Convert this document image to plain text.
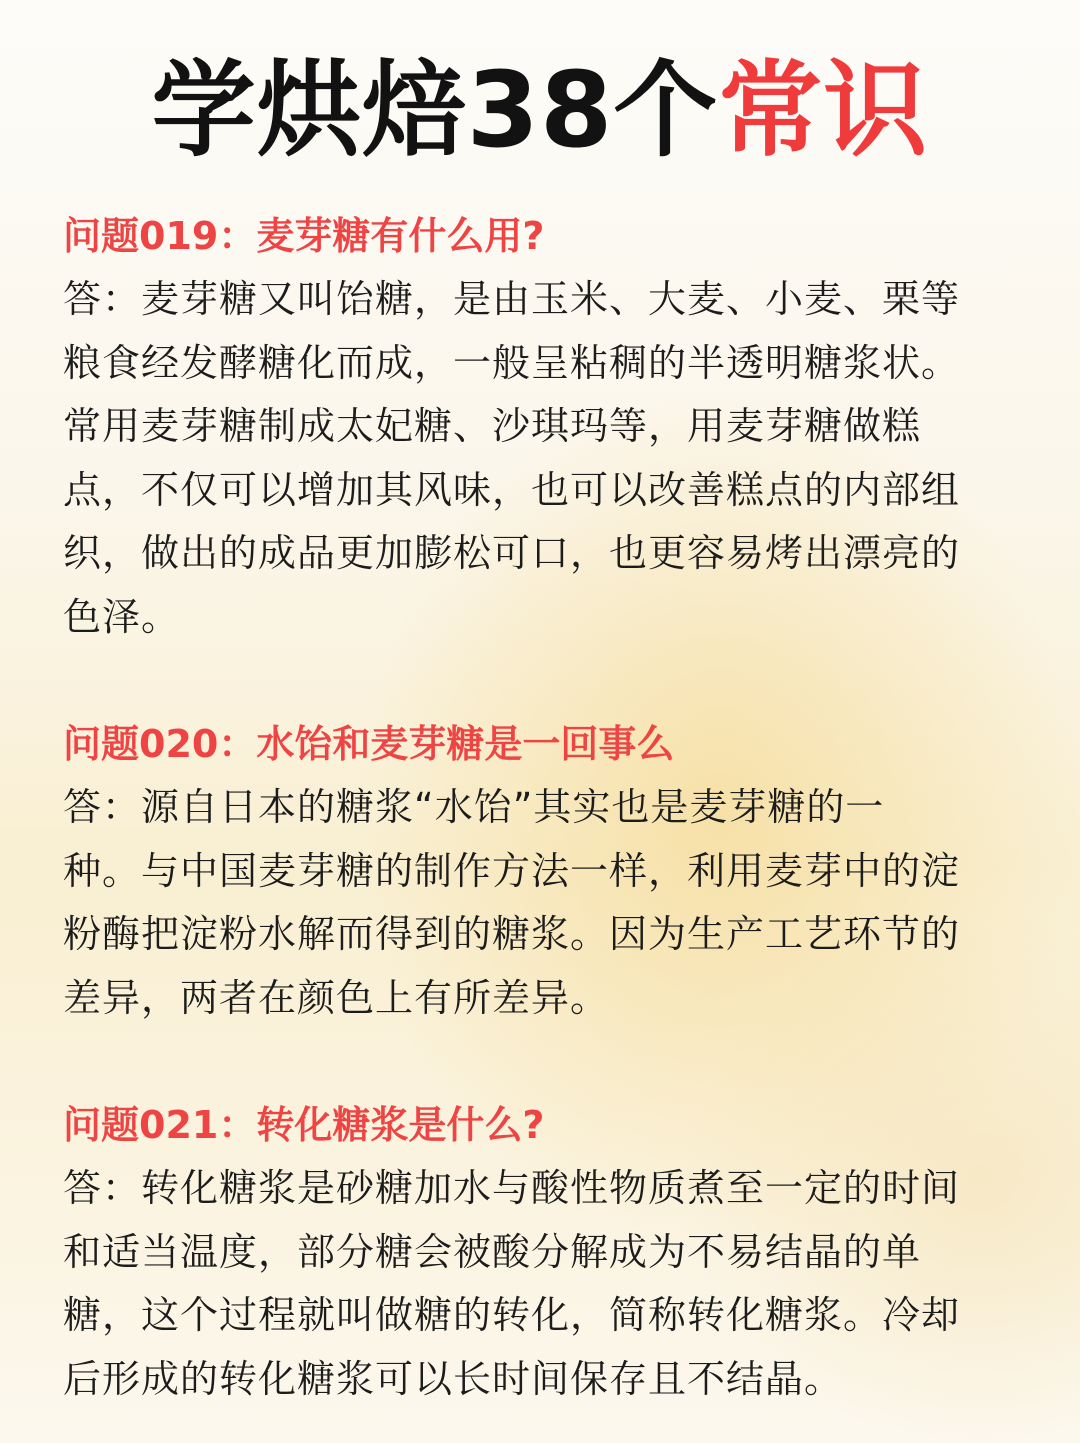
学烘焙38个常识
问题019：麦芽糖有什么用?
答：麦芽糖又叫饴糖，是由玉米、大麦、小麦、栗等
粮食经发酵糖化而成，一般呈粘稠的半透明糖浆状。
常用麦芽糖制成太妃糖、沙琪玛等，用麦芽糖做糕
点，不仅可以增加其风味，也可以改善糕点的内部组
织，做出的成品更加膨松可口，也更容易烤出漂亮的
色泽。
问题020：水饴和麦芽糖是一回事么
答：源自日本的糖浆“水饴”其实也是麦芽糖的一
种。与中国麦芽糖的制作方法一样，利用麦芽中的淀
粉酶把淀粉水解而得到的糖浆。因为生产工艺环节的
差异，两者在颜色上有所差异。
问题021：转化糖浆是什么?
答：转化糖浆是砂糖加水与酸性物质煮至一定的时间
和适当温度，部分糖会被酸分解成为不易结晶的单
糖，这个过程就叫做糖的转化，简称转化糖浆。冷却
后形成的转化糖浆可以长时间保存且不结晶。
